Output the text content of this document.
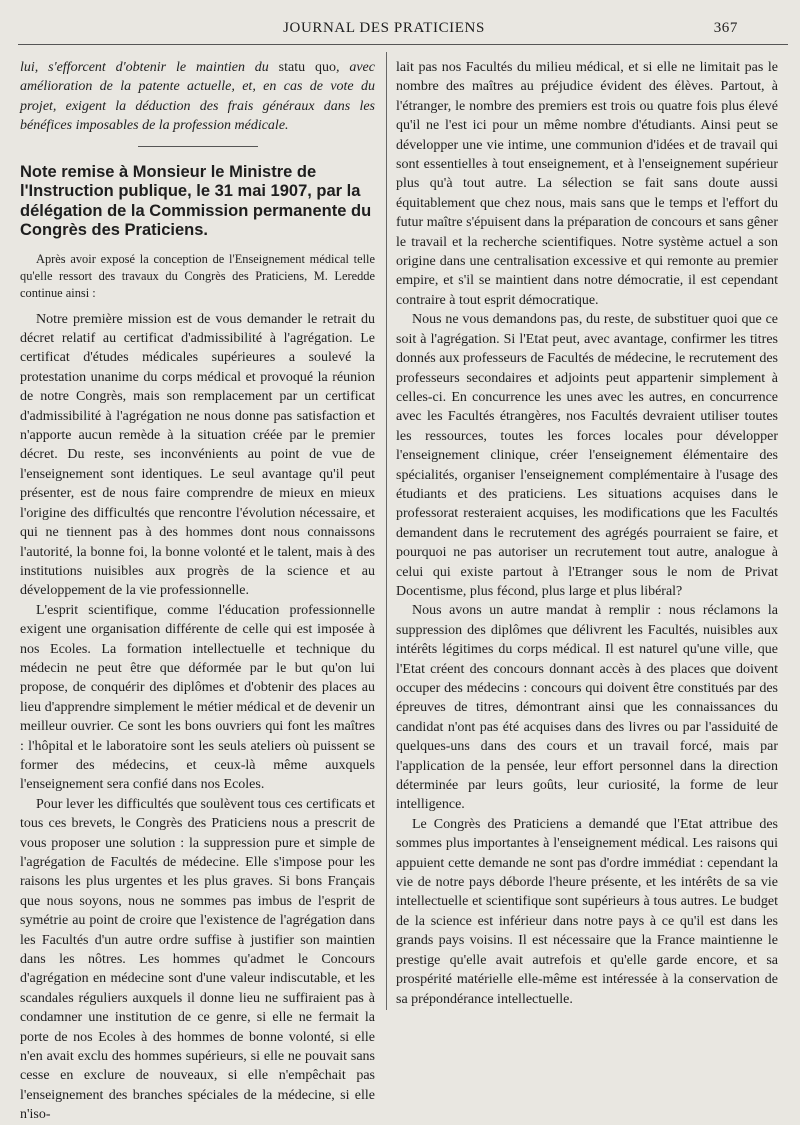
JOURNAL DES PRATICIENS	367

lui, s'efforcent d'obtenir le maintien du statu quo, avec amélioration de la patente actuelle, et, en cas de vote du projet, exigent la déduction des frais généraux dans les bénéfices imposables de la profession médicale.

Note remise à Monsieur le Ministre de l'Instruction publique, le 31 mai 1907, par la délégation de la Commission permanente du Congrès des Praticiens.

Après avoir exposé la conception de l'Enseignement médical telle qu'elle ressort des travaux du Congrès des Praticiens, M. Leredde continue ainsi :

Notre première mission est de vous demander le retrait du décret relatif au certificat d'admissibilité à l'agrégation. Le certificat d'études médicales supérieures a soulevé la protestation unanime du corps médical et provoqué la réunion de notre Congrès, mais son remplacement par un certificat d'admissibilité à l'agrégation ne nous donne pas satisfaction et n'apporte aucun remède à la situation créée par le premier décret. Du reste, ses inconvénients au point de vue de l'enseignement sont identiques. Le seul avantage qu'il peut présenter, est de nous faire comprendre de mieux en mieux l'origine des difficultés que rencontre l'évolution nécessaire, et qui ne tiennent pas à des hommes dont nous connaissons l'autorité, la bonne foi, la bonne volonté et le talent, mais à des institutions nuisibles aux progrès de la science et au développement de la vie professionnelle.

L'esprit scientifique, comme l'éducation professionnelle exigent une organisation différente de celle qui est imposée à nos Ecoles. La formation intellectuelle et technique du médecin ne peut être que déformée par le but qu'on lui propose, de conquérir des diplômes et d'obtenir des places au lieu d'apprendre simplement le métier médical et de devenir un meilleur ouvrier. Ce sont les bons ouvriers qui font les maîtres : l'hôpital et le laboratoire sont les seuls ateliers où puissent se former des médecins, et ceux-là même auxquels l'enseignement sera confié dans nos Ecoles.

Pour lever les difficultés que soulèvent tous ces certificats et tous ces brevets, le Congrès des Praticiens nous a prescrit de vous proposer une solution : la suppression pure et simple de l'agrégation de Facultés de médecine. Elle s'impose pour les raisons les plus urgentes et les plus graves. Si bons Français que nous soyons, nous ne sommes pas imbus de l'esprit de symétrie au point de croire que l'existence de l'agrégation dans les Facultés d'un autre ordre suffise à justifier son maintien dans les nôtres. Les hommes qu'admet le Concours d'agrégation en médecine sont d'une valeur indiscutable, et les scandales réguliers auxquels il donne lieu ne suffiraient pas à condamner une institution de ce genre, si elle ne fermait la porte de nos Ecoles à des hommes de bonne volonté, si elle n'en avait exclu des hommes supérieurs, si elle ne pouvait sans cesse en exclure de nouveaux, si elle n'empêchait pas l'enseignement des branches spéciales de la médecine, si elle n'iso-

lait pas nos Facultés du milieu médical, et si elle ne limitait pas le nombre des maîtres au préjudice évident des élèves. Partout, à l'étranger, le nombre des premiers est trois ou quatre fois plus élevé qu'il ne l'est ici pour un même nombre d'étudiants. Ainsi peut se développer une vie intime, une communion d'idées et de travail qui sont essentielles à tout enseignement, et à l'enseignement supérieur plus qu'à tout autre. La sélection se fait sans doute aussi équitablement que chez nous, mais sans que le temps et l'effort du futur maître s'épuisent dans la préparation de concours et sans gêner le travail et la recherche scientifiques. Notre système actuel a son origine dans une centralisation excessive et qui remonte au premier empire, et s'il se maintient dans notre démocratie, il est cependant contraire à tout esprit démocratique.

Nous ne vous demandons pas, du reste, de substituer quoi que ce soit à l'agrégation. Si l'Etat peut, avec avantage, confirmer les titres donnés aux professeurs de Facultés de médecine, le recrutement des professeurs secondaires et adjoints peut appartenir simplement à celles-ci. En concurrence les unes avec les autres, en concurrence avec les Facultés étrangères, nos Facultés devraient utiliser toutes les ressources, toutes les forces locales pour développer l'enseignement clinique, créer l'enseignement élémentaire des spécialités, organiser l'enseignement complémentaire à l'usage des étudiants et des praticiens. Les situations acquises dans le professorat resteraient acquises, les modifications que les Facultés demandent dans le recrutement des agrégés pourraient se faire, et pourquoi ne pas autoriser un recrutement tout autre, analogue à celui qui existe partout à l'Etranger sous le nom de Privat Docentisme, plus fécond, plus large et plus libéral?

Nous avons un autre mandat à remplir : nous réclamons la suppression des diplômes que délivrent les Facultés, nuisibles aux intérêts légitimes du corps médical. Il est naturel qu'une ville, que l'Etat créent des concours donnant accès à des places que doivent occuper des médecins : concours qui doivent être constitués par des épreuves de titres, démontrant ainsi que les connaissances du candidat n'ont pas été acquises dans des livres ou par l'assiduité de quelques-uns dans des cours et un travail forcé, mais par l'application de la pensée, leur effort personnel dans la direction déterminée par leurs goûts, leur curiosité, la forme de leur intelligence.

Le Congrès des Praticiens a demandé que l'Etat attribue des sommes plus importantes à l'enseignement médical. Les raisons qui appuient cette demande ne sont pas d'ordre immédiat : cependant la vie de notre pays déborde l'heure présente, et les intérêts de sa vie intellectuelle et scientifique sont supérieurs à tous autres. Le budget de la science est inférieur dans notre pays à ce qu'il est dans les grands pays voisins. Il est nécessaire que la France maintienne le prestige qu'elle avait autrefois et qu'elle garde encore, et sa prospérité matérielle elle-même est intéressée à la conservation de sa prépondérance intellectuelle.
